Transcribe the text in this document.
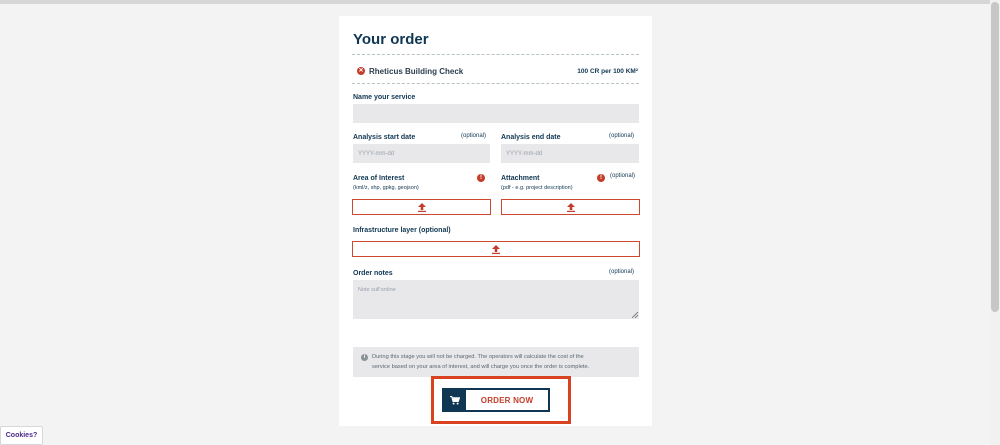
Your order
✕ Rheticus Building Check	100 CR per 100 KM²
Name your service
Analysis start date	(optional)
YYYY-mm-dd
Analysis end date	(optional)
YYYY-mm-dd
Area of Interest
(kml/z, shp, gpkg, geojson)
!	Attachment
(pdf - e.g. project description)
!	(optional)
Infrastructure layer (optional)
Order notes	(optional)
Note sull'ordine
i	During this stage you will not be charged. The operators will calculate the cost of the
service based on your area of interest, and will charge you once the order is complete.
ORDER NOW
Cookies?
